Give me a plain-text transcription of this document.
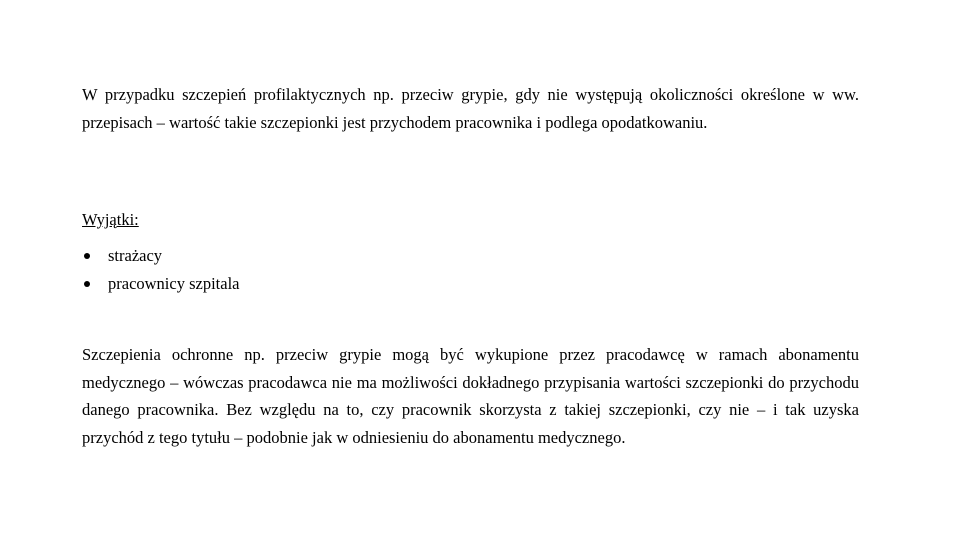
W przypadku szczepień profilaktycznych np. przeciw grypie, gdy nie występują okoliczności określone w ww. przepisach – wartość takie szczepionki jest przychodem pracownika i podlega opodatkowaniu.

Wyjątki:

strażacy
pracownicy szpitala

Szczepienia ochronne np. przeciw grypie mogą być wykupione przez pracodawcę w ramach abonamentu medycznego – wówczas pracodawca nie ma możliwości dokładnego przypisania wartości szczepionki do przychodu danego pracownika. Bez względu na to, czy pracownik skorzysta z takiej szczepionki, czy nie – i tak uzyska przychód z tego tytułu – podobnie jak w odniesieniu do abonamentu medycznego.
